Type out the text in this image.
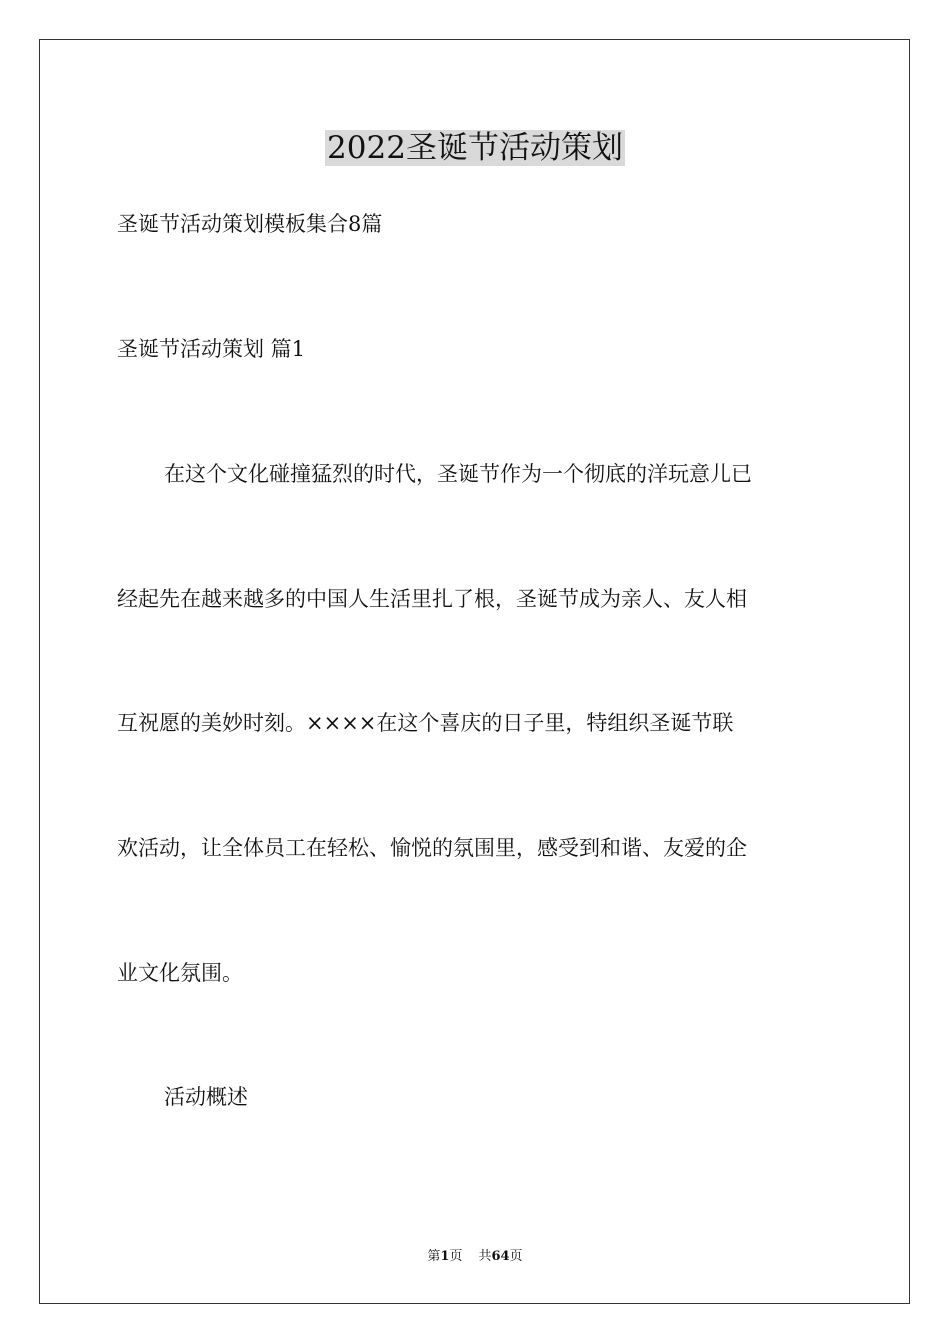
2022圣诞节活动策划

圣诞节活动策划模板集合8篇

圣诞节活动策划 篇1

在这个文化碰撞猛烈的时代，圣诞节作为一个彻底的洋玩意儿已

经起先在越来越多的中国人生活里扎了根，圣诞节成为亲人、友人相

互祝愿的美妙时刻。××××在这个喜庆的日子里，特组织圣诞节联

欢活动，让全体员工在轻松、愉悦的氛围里，感受到和谐、友爱的企

业文化氛围。

活动概述

第1页 共64页
